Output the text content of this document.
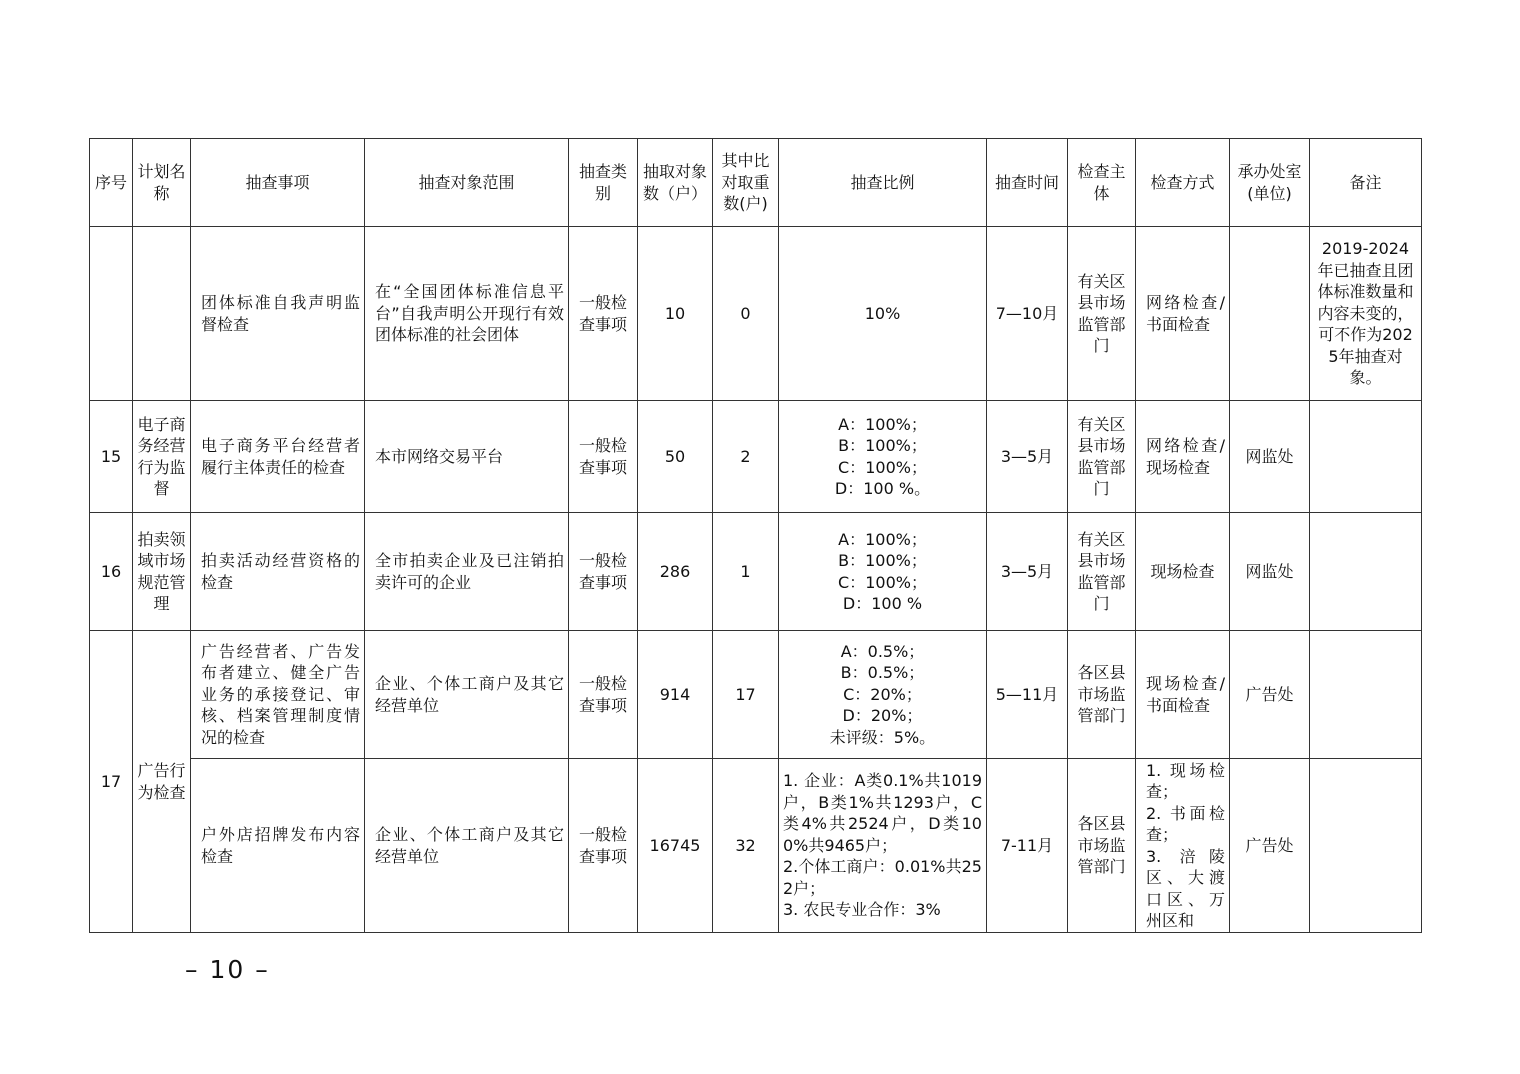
序号	计划名称	抽查事项	抽查对象范围	抽查类别	抽取对象数（户）	其中比对取重数(户)	抽查比例	抽查时间	检查主体	检查方式	承办处室(单位)	备注
		团体标准自我声明监督检查	在“全国团体标准信息平台”自我声明公开现行有效团体标准的社会团体	一般检查事项	10	0	10%	7—10月	有关区县市场监管部门	网络检查/书面检查		2019-2024年已抽查且团体标准数量和内容未变的，可不作为2025年抽查对象。
15	电子商务经营行为监督	电子商务平台经营者履行主体责任的检查	本市网络交易平台	一般检查事项	50	2	A：100%；
B：100%；
C：100%；
D：100 %。	3—5月	有关区县市场监管部门	网络检查/现场检查	网监处	
16	拍卖领域市场规范管理	拍卖活动经营资格的检查	全市拍卖企业及已注销拍卖许可的企业	一般检查事项	286	1	A：100%；
B：100%；
C：100%；
D：100 %	3—5月	有关区县市场监管部门	现场检查	网监处	
17	广告行为检查	广告经营者、广告发布者建立、健全广告业务的承接登记、审核、档案管理制度情况的检查	企业、个体工商户及其它经营单位	一般检查事项	914	17	A：0.5%；
B：0.5%；
C：20%；
D：20%；
未评级：5%。	5—11月	各区县市场监管部门	现场检查/书面检查	广告处	
		户外店招牌发布内容检查	企业、个体工商户及其它经营单位	一般检查事项	16745	32	1. 企业：A类0.1%共1019户，B类1%共1293户，C类4%共2524户，D类100%共9465户；
2.个体工商户：0.01%共252户；
3. 农民专业合作：3%	7-11月	各区县市场监管部门	1. 现场检查；
2. 书面检查；
3. 涪陵区、大渡口区、万州区和	广告处	
– 10 –
